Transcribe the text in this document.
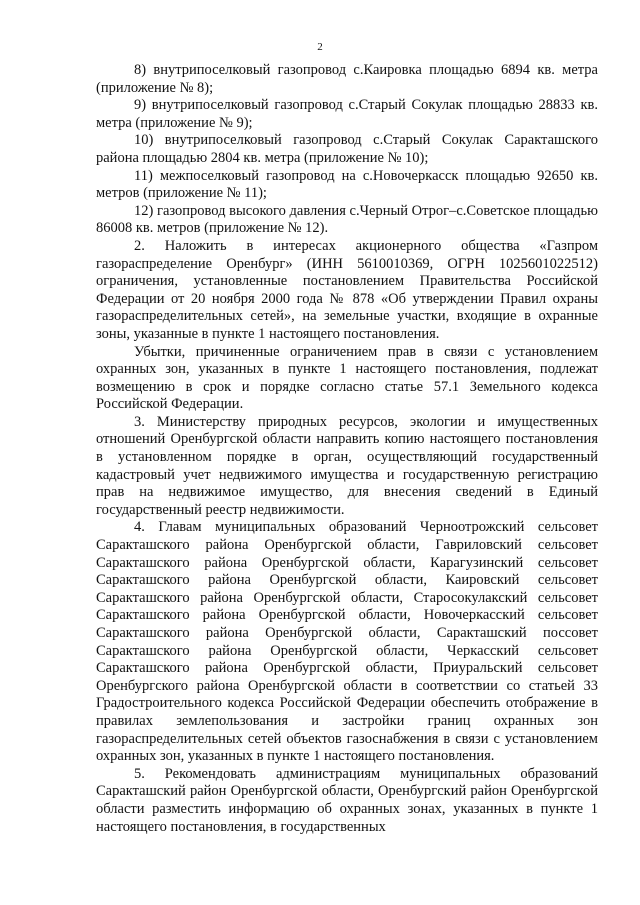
2

8) внутрипоселковый газопровод с.Каировка площадью 6894 кв. метра (приложение № 8);

9) внутрипоселковый газопровод с.Старый Сокулак площадью 28833 кв. метра (приложение № 9);

10) внутрипоселковый газопровод с.Старый Сокулак Саракташского района площадью 2804 кв. метра (приложение № 10);

11) межпоселковый газопровод на с.Новочеркасск площадью 92650 кв. метров (приложение № 11);

12) газопровод высокого давления с.Черный Отрог–с.Советское площадью 86008 кв. метров (приложение № 12).

2. Наложить в интересах акционерного общества «Газпром газораспределение Оренбург» (ИНН 5610010369, ОГРН 1025601022512) ограничения, установленные постановлением Правительства Российской Федерации от 20 ноября 2000 года № 878 «Об утверждении Правил охраны газораспределительных сетей», на земельные участки, входящие в охранные зоны, указанные в пункте 1 настоящего постановления.

Убытки, причиненные ограничением прав в связи с установлением охранных зон, указанных в пункте 1 настоящего постановления, подлежат возмещению в срок и порядке согласно статье 57.1 Земельного кодекса Российской Федерации.

3. Министерству природных ресурсов, экологии и имущественных отношений Оренбургской области направить копию настоящего постановления в установленном порядке в орган, осуществляющий государственный кадастровый учет недвижимого имущества и государственную регистрацию прав на недвижимое имущество, для внесения сведений в Единый государственный реестр недвижимости.

4. Главам муниципальных образований Черноотрожский сельсовет Саракташского района Оренбургской области, Гавриловский сельсовет Саракташского района Оренбургской области, Карагузинский сельсовет Саракташского района Оренбургской области, Каировский сельсовет Саракташского района Оренбургской области, Старосокулакский сельсовет Саракташского района Оренбургской области, Новочеркасский сельсовет Саракташского района Оренбургской области, Саракташский поссовет Саракташского района Оренбургской области, Черкасский сельсовет Саракташского района Оренбургской области, Приуральский сельсовет Оренбургского района Оренбургской области в соответствии со статьей 33 Градостроительного кодекса Российской Федерации обеспечить отображение в правилах землепользования и застройки границ охранных зон газораспределительных сетей объектов газоснабжения в связи с установлением охранных зон, указанных в пункте 1 настоящего постановления.

5. Рекомендовать администрациям муниципальных образований Саракташский район Оренбургской области, Оренбургский район Оренбургской области разместить информацию об охранных зонах, указанных в пункте 1 настоящего постановления, в государственных
